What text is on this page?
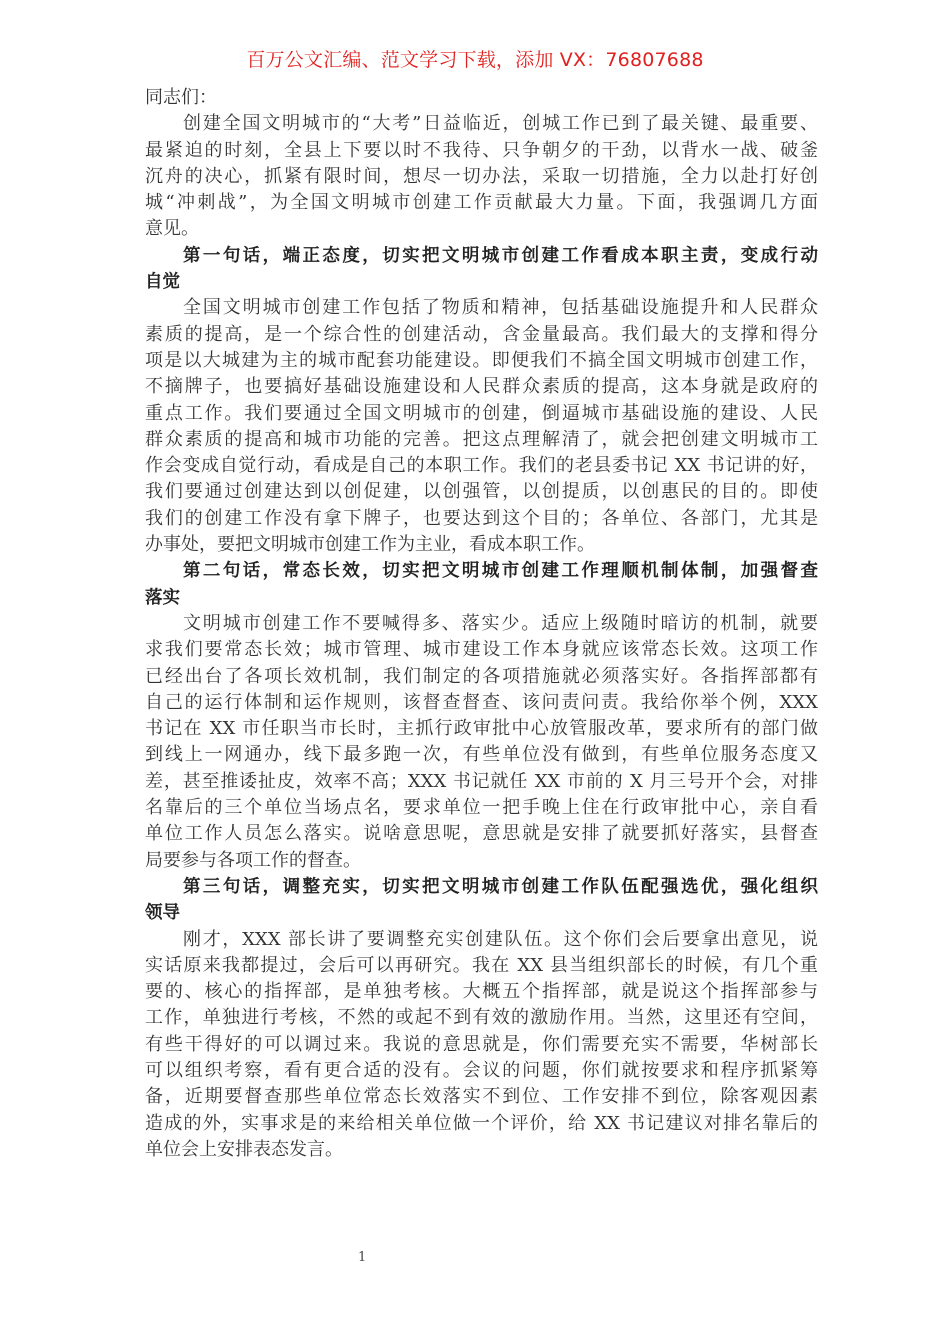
百万公文汇编、范文学习下载，添加 VX：76807688
同志们：
创建全国文明城市的“大考”日益临近，创城工作已到了最关键、最重要、
最紧迫的时刻，全县上下要以时不我待、只争朝夕的干劲，以背水一战、破釜
沉舟的决心，抓紧有限时间，想尽一切办法，采取一切措施，全力以赴打好创
城“冲刺战”，为全国文明城市创建工作贡献最大力量。下面，我强调几方面
意见。
第一句话，端正态度，切实把文明城市创建工作看成本职主责，变成行动
自觉
全国文明城市创建工作包括了物质和精神，包括基础设施提升和人民群众
素质的提高，是一个综合性的创建活动，含金量最高。我们最大的支撑和得分
项是以大城建为主的城市配套功能建设。即便我们不搞全国文明城市创建工作，
不摘牌子，也要搞好基础设施建设和人民群众素质的提高，这本身就是政府的
重点工作。我们要通过全国文明城市的创建，倒逼城市基础设施的建设、人民
群众素质的提高和城市功能的完善。把这点理解清了，就会把创建文明城市工
作会变成自觉行动，看成是自己的本职工作。我们的老县委书记 XX 书记讲的好，
我们要通过创建达到以创促建，以创强管，以创提质，以创惠民的目的。即使
我们的创建工作没有拿下牌子，也要达到这个目的；各单位、各部门，尤其是
办事处，要把文明城市创建工作为主业，看成本职工作。
第二句话，常态长效，切实把文明城市创建工作理顺机制体制，加强督查
落实
文明城市创建工作不要喊得多、落实少。适应上级随时暗访的机制，就要
求我们要常态长效；城市管理、城市建设工作本身就应该常态长效。这项工作
已经出台了各项长效机制，我们制定的各项措施就必须落实好。各指挥部都有
自己的运行体制和运作规则，该督查督查、该问责问责。我给你举个例，XXX
书记在 XX 市任职当市长时，主抓行政审批中心放管服改革，要求所有的部门做
到线上一网通办，线下最多跑一次，有些单位没有做到，有些单位服务态度又
差，甚至推诿扯皮，效率不高；XXX 书记就任 XX 市前的 X 月三号开个会，对排
名靠后的三个单位当场点名，要求单位一把手晚上住在行政审批中心，亲自看
单位工作人员怎么落实。说啥意思呢，意思就是安排了就要抓好落实，县督查
局要参与各项工作的督查。
第三句话，调整充实，切实把文明城市创建工作队伍配强选优，强化组织
领导
刚才，XXX 部长讲了要调整充实创建队伍。这个你们会后要拿出意见，说
实话原来我都提过，会后可以再研究。我在 XX 县当组织部长的时候，有几个重
要的、核心的指挥部，是单独考核。大概五个指挥部，就是说这个指挥部参与
工作，单独进行考核，不然的或起不到有效的激励作用。当然，这里还有空间，
有些干得好的可以调过来。我说的意思就是，你们需要充实不需要，华树部长
可以组织考察，看有更合适的没有。会议的问题，你们就按要求和程序抓紧筹
备，近期要督查那些单位常态长效落实不到位、工作安排不到位，除客观因素
造成的外，实事求是的来给相关单位做一个评价，给 XX 书记建议对排名靠后的
单位会上安排表态发言。
1
